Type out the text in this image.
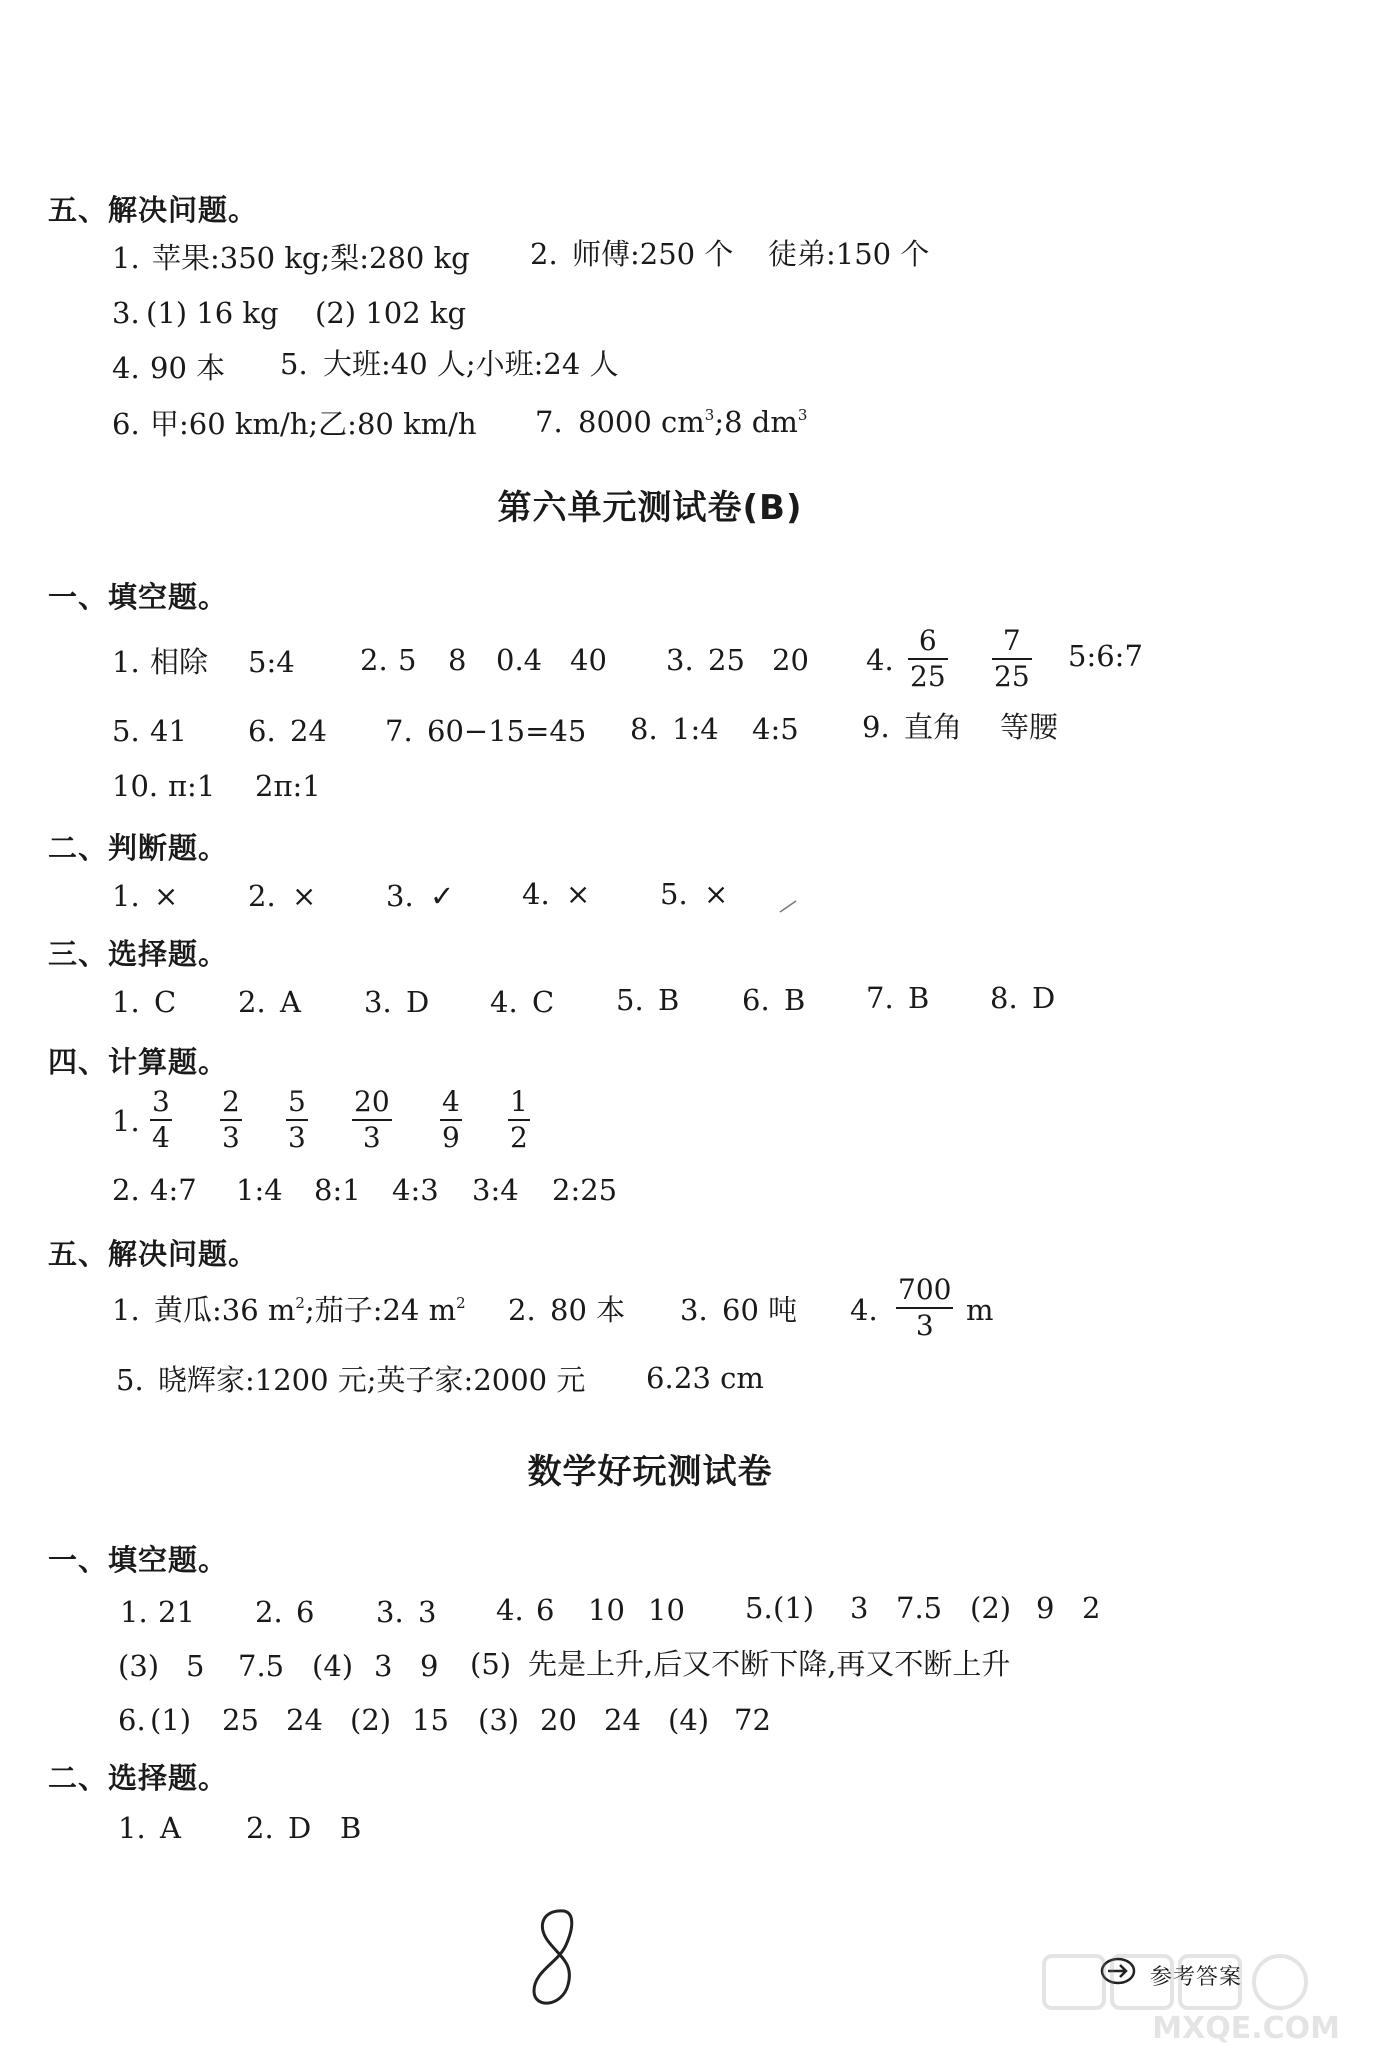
五、解决问题。
1. 苹果:350 kg;梨:280 kg 2. 师傅:250 个 徒弟:150 个
3. (1) 16 kg (2) 102 kg
4. 90 本 5. 大班:40 人;小班:24 人
6. 甲:60 km/h;乙:80 km/h 7. 8000 $cm^3;8$ $dm^3$
第六单元测试卷(B)
一、填空题。
1. 相除 5:4 2. 5 8 0.4 40 3. 25 20 4.
6
25
7
25
5:6:7
5. 41 6. 24 7. 60−15=45 8. 1:4 4:5 9. 直角 等腰
10. π:1 2π:1
二、判断题。
1. × 2. × 3. ✓ 4. × 5. ×
三、选择题。
1. C 2. A 3. D 4. C 5. B 6. B 7. B 8. D
四、计算题。
1.
3
4
2
3
5
3
20
3
4
9
1
2
2. 4:7 1:4 8:1 4:3 3:4 2:25
五、解决问题。
1. 黄瓜:36 $m^2$;茄子:24 $m^2$ 2. 80 本 3. 60 吨 4.
700
3 m
5. 晓辉家:1200 元;英子家:2000 元 6. 23 cm
数学好玩测试卷
一、填空题。
1. 21 2. 6 3. 3 4. 6 10 10 5. (1) 3 7.5 (2) 9 2
(3) 5 7.5 (4) 3 9 (5) 先是上升,后又不断下降,再又不断上升
6. (1) 25 24 (2) 15 (3) 20 24 (4) 72
二、选择题。
1. A 2. D B
参考答案
MXQE.COM
